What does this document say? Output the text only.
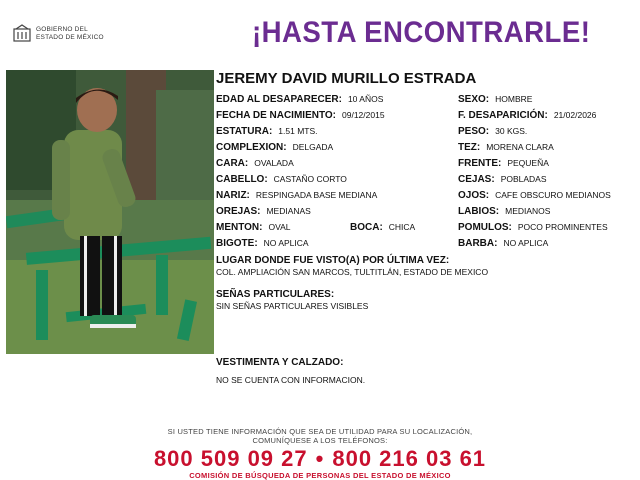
GOBIERNO DEL
ESTADO DE MÉXICO	¡HASTA ENCONTRARLE!
JEREMY DAVID MURILLO ESTRADA
EDAD AL DESAPARECER: 10 AÑOS
FECHA DE NACIMIENTO: 09/12/2015
ESTATURA: 1.51 MTS.
COMPLEXION: DELGADA
CARA: OVALADA
CABELLO: CASTAÑO CORTO
NARIZ: RESPINGADA BASE MEDIANA
OREJAS: MEDIANAS
MENTON: OVAL
BIGOTE: NO APLICA
SEXO: HOMBRE
F. DESAPARICIÓN: 21/02/2026
PESO: 30 KGS.
TEZ: MORENA CLARA
FRENTE: PEQUEÑA
CEJAS: POBLADAS
OJOS: CAFE OBSCURO MEDIANOS
LABIOS: MEDIANOS
POMULOS: POCO PROMINENTES
BARBA: NO APLICA
BOCA: CHICA
LUGAR DONDE FUE VISTO(A) POR ÚLTIMA VEZ:
COL. AMPLIACIÓN SAN MARCOS, TULTITLÁN, ESTADO DE MEXICO
SEÑAS PARTICULARES:
SIN SEÑAS PARTICULARES VISIBLES
VESTIMENTA Y CALZADO:
NO SE CUENTA CON INFORMACION.
SI USTED TIENE INFORMACIÓN QUE SEA DE UTILIDAD PARA SU LOCALIZACIÓN,
COMUNÍQUESE A LOS TELÉFONOS:
800 509 09 27 • 800 216 03 61
COMISIÓN DE BÚSQUEDA DE PERSONAS DEL ESTADO DE MÉXICO
